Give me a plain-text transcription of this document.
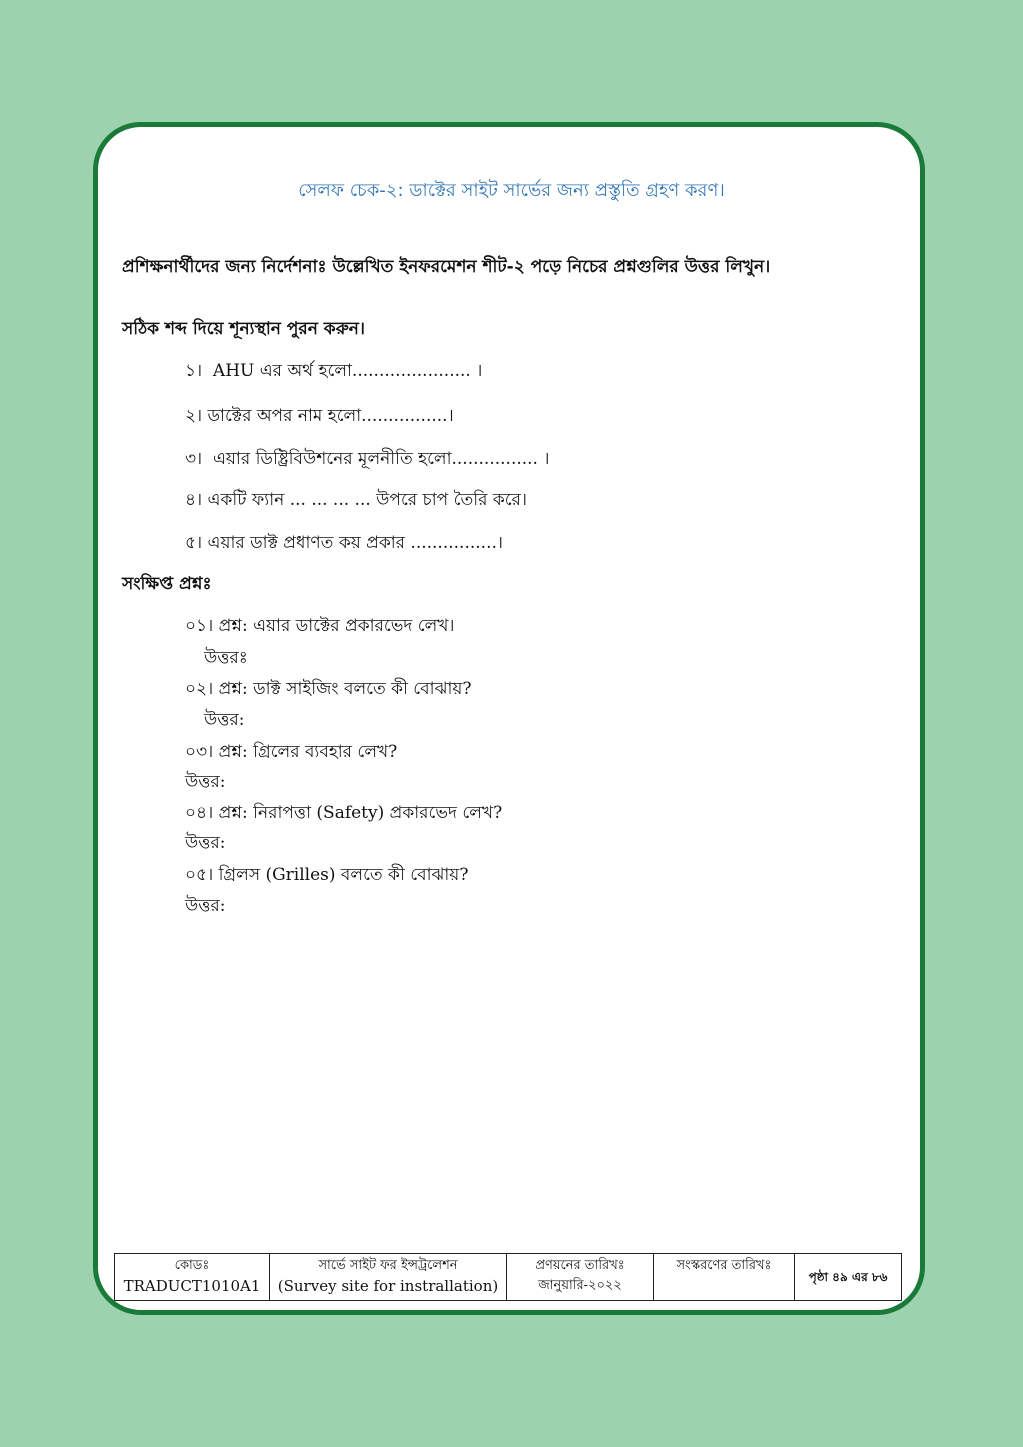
সেলফ চেক-২: ডাক্টের সাইট সার্ভের জন্য প্রস্তুতি গ্রহণ করণ।
প্রশিক্ষনার্থীদের জন্য নির্দেশনাঃ উল্লেখিত ইনফরমেশন শীট-২ পড়ে নিচের প্রশ্নগুলির উত্তর লিখুন।
সঠিক শব্দ দিয়ে শূন্যস্থান পুরন করুন।
১।  AHU এর অর্থ হলো...................... ।
২। ডাক্টের অপর নাম হলো................।
৩।  এয়ার ডিষ্ট্রিবিউশনের মূলনীতি হলো................ ।
৪। একটি ফ্যান ... ... ... ... উপরে চাপ তৈরি করে।
৫। এয়ার ডাক্ট প্রধাণত কয় প্রকার ................।
সংক্ষিপ্ত প্রশ্নঃ
০১। প্রশ্ন: এয়ার ডাক্টের প্রকারভেদ লেখ।
উত্তরঃ
০২। প্রশ্ন: ডাক্ট সাইজিং বলতে কী বোঝায়?
উত্তর:
০৩। প্রশ্ন: গ্রিলের ব্যবহার লেখ?
উত্তর:
০৪। প্রশ্ন: নিরাপত্তা (Safety) প্রকারভেদ লেখ?
উত্তর:
০৫। গ্রিলস (Grilles) বলতে কী বোঝায়?
উত্তর:
কোডঃ
TRADUCT1010A1

সার্ভে সাইট ফর ইন্সট্রলেশন
(Survey site for instrallation)

প্রণয়নের তারিখঃ
জানুয়ারি-২০২২

সংস্করণের তারিখঃ
	পৃষ্ঠা ৪৯ এর ৮৬
